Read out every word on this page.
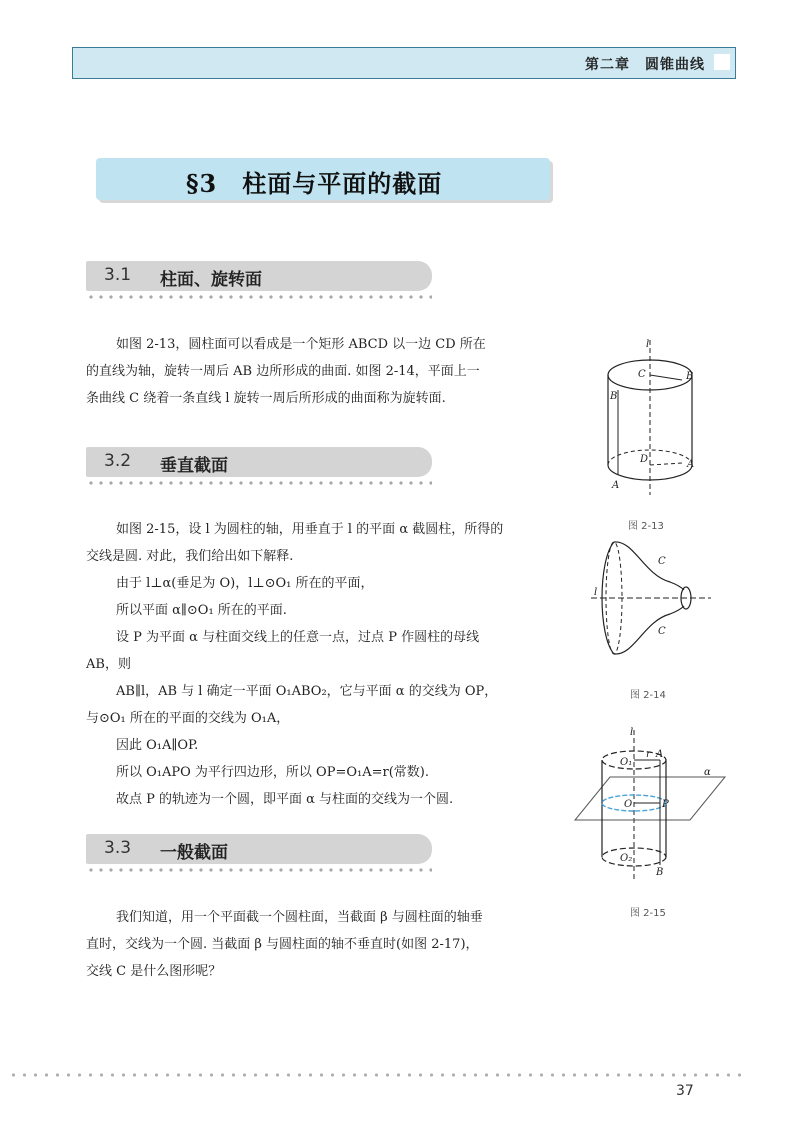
第二章　圆锥曲线
§3　柱面与平面的截面
3.1 柱面、旋转面

如图 2-13，圆柱面可以看成是一个矩形 ABCD 以一边 CD 所在

的直线为轴，旋转一周后 AB 边所形成的曲面. 如图 2-14，平面上一

条曲线 C 绕着一条直线 l 旋转一周后所形成的曲面称为旋转面.

3.2 垂直截面

如图 2-15，设 l 为圆柱的轴，用垂直于 l 的平面 α 截圆柱，所得的

交线是圆. 对此，我们给出如下解释.

由于 l⊥α(垂足为 O)，l⊥⊙O₁ 所在的平面，

所以平面 α∥⊙O₁ 所在的平面.

设 P 为平面 α 与柱面交线上的任意一点，过点 P 作圆柱的母线

AB，则

AB∥l，AB 与 l 确定一平面 O₁ABO₂，它与平面 α 的交线为 OP，

与⊙O₁ 所在的平面的交线为 O₁A，

因此 O₁A∥OP.

所以 O₁APO 为平行四边形，所以 OP=O₁A=r(常数).

故点 P 的轨迹为一个圆，即平面 α 与柱面的交线为一个圆.

3.3 一般截面

我们知道，用一个平面截一个圆柱面，当截面 β 与圆柱面的轴垂

直时，交线为一个圆. 当截面 β 与圆柱面的轴不垂直时(如图 2-17)，

交线 C 是什么图形呢？

l
C	B
B
D	A
A
图 2-13
l
C
C
图 2-14
l
O₁
r A
α
O	P
O₂
B
图 2-15
37
